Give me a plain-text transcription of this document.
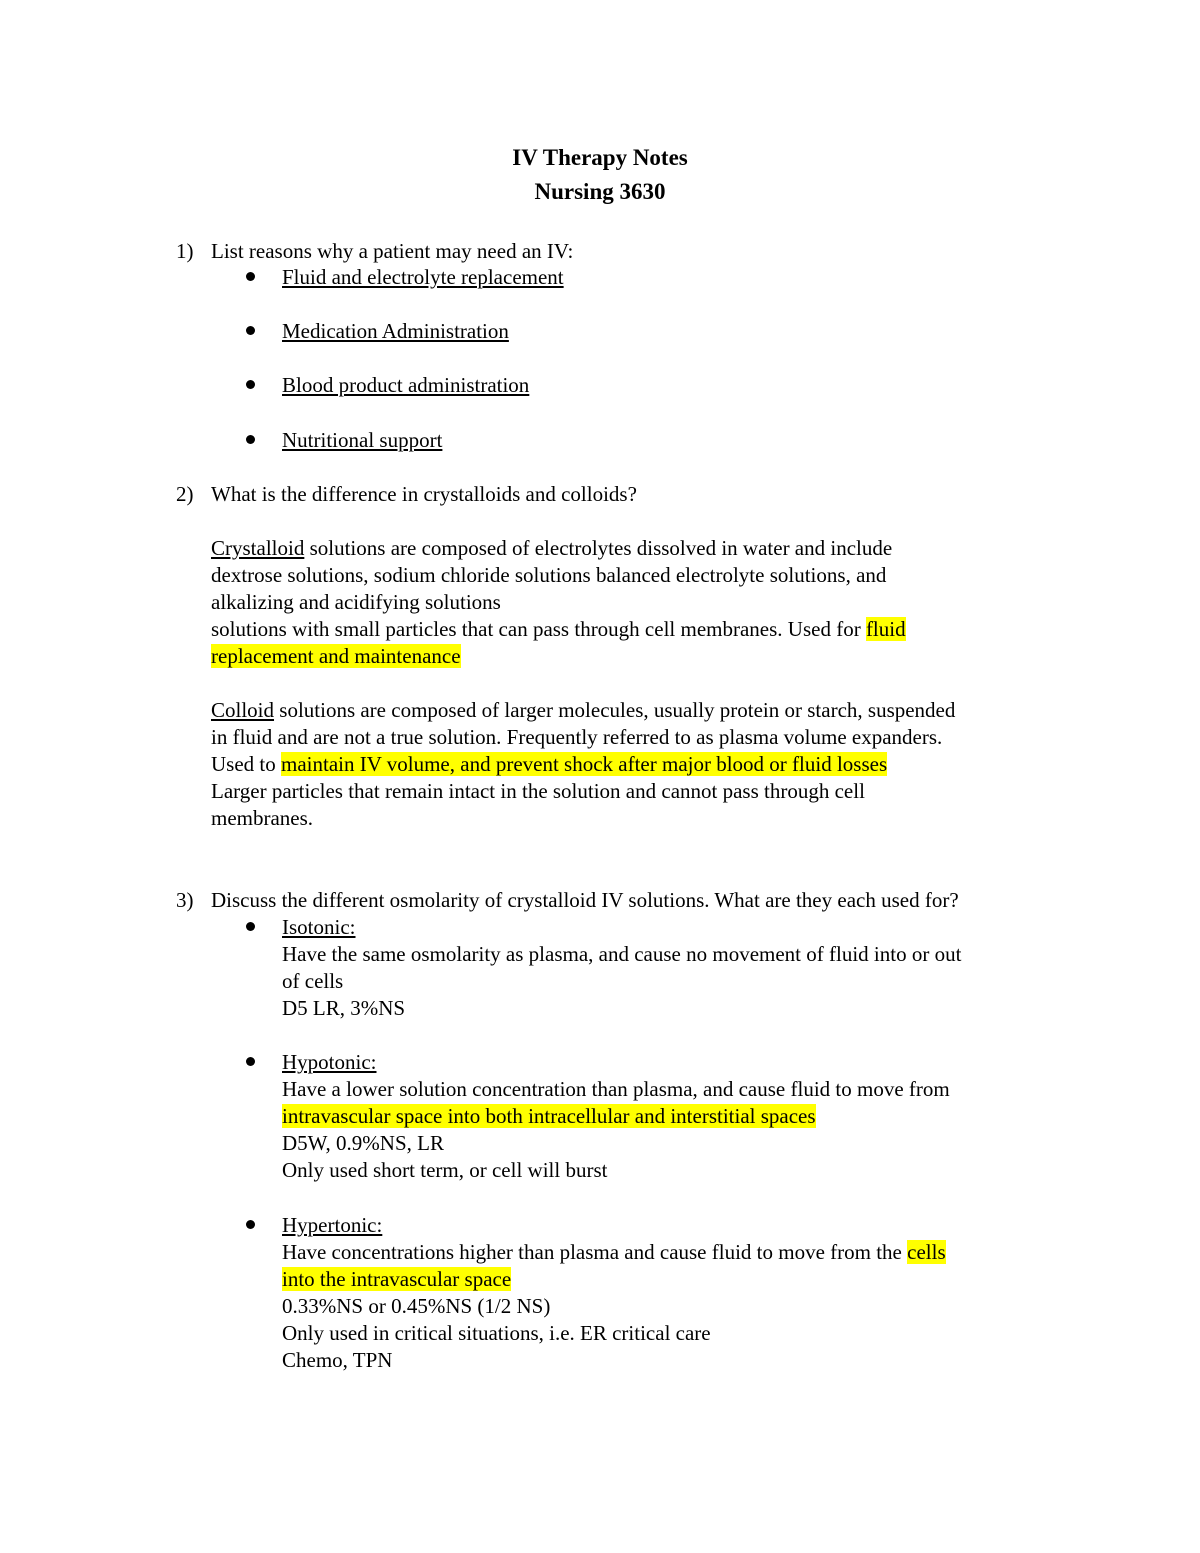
IV Therapy Notes
Nursing 3630
1) List reasons why a patient may need an IV:
Fluid and electrolyte replacement
Medication Administration
Blood product administration
Nutritional support
2) What is the difference in crystalloids and colloids?
Crystalloid solutions are composed of electrolytes dissolved in water and include
dextrose solutions, sodium chloride solutions balanced electrolyte solutions, and
alkalizing and acidifying solutions
solutions with small particles that can pass through cell membranes. Used for fluid
replacement and maintenance
Colloid solutions are composed of larger molecules, usually protein or starch, suspended
in fluid and are not a true solution. Frequently referred to as plasma volume expanders.
Used to maintain IV volume, and prevent shock after major blood or fluid losses
Larger particles that remain intact in the solution and cannot pass through cell
membranes.
3) Discuss the different osmolarity of crystalloid IV solutions. What are they each used for?
Isotonic:
Have the same osmolarity as plasma, and cause no movement of fluid into or out
of cells
D5 LR, 3%NS
Hypotonic:
Have a lower solution concentration than plasma, and cause fluid to move from
intravascular space into both intracellular and interstitial spaces
D5W, 0.9%NS, LR
Only used short term, or cell will burst
Hypertonic:
Have concentrations higher than plasma and cause fluid to move from the cells
into the intravascular space
0.33%NS or 0.45%NS (1/2 NS)
Only used in critical situations, i.e. ER critical care
Chemo, TPN
